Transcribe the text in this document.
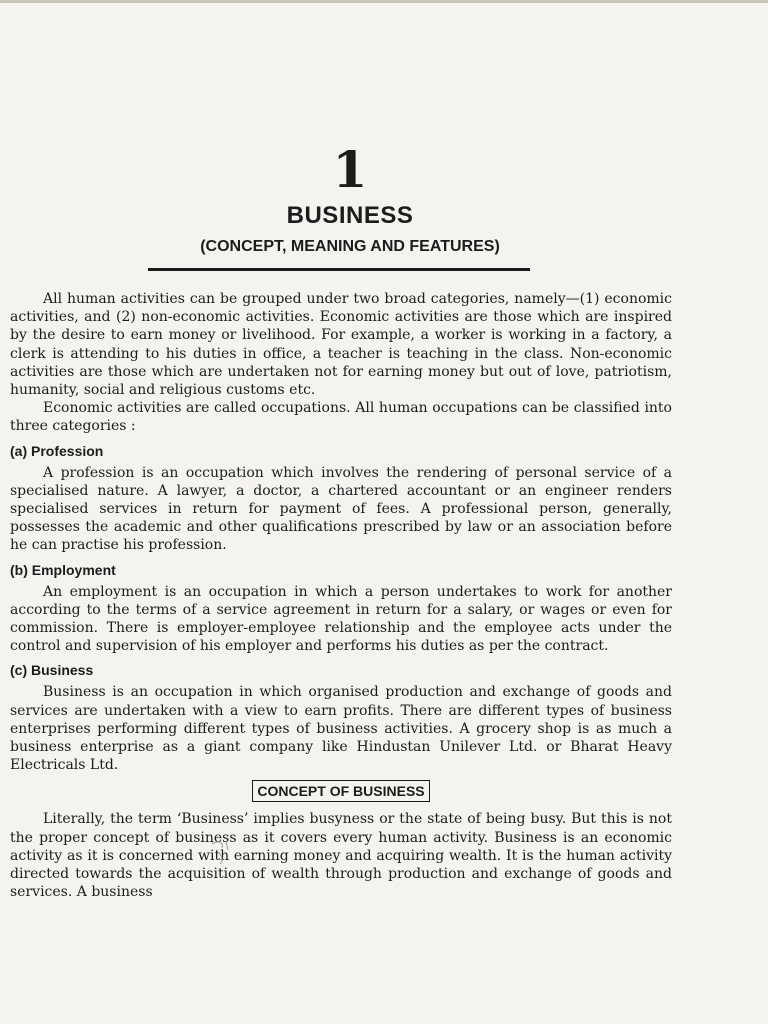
1
BUSINESS
(CONCEPT, MEANING AND FEATURES)

All human activities can be grouped under two broad categories, namely—(1) economic activities, and (2) non-economic activities. Economic activities are those which are inspired by the desire to earn money or livelihood. For example, a worker is working in a factory, a clerk is attending to his duties in office, a teacher is teaching in the class. Non-economic activities are those which are undertaken not for earning money but out of love, patriotism, humanity, social and religious customs etc.

Economic activities are called occupations. All human occupations can be classified into three categories :

(a) Profession

A profession is an occupation which involves the rendering of personal service of a specialised nature. A lawyer, a doctor, a chartered accountant or an engineer renders specialised services in return for payment of fees. A professional person, generally, possesses the academic and other qualifications prescribed by law or an association before he can practise his profession.

(b) Employment

An employment is an occupation in which a person undertakes to work for another according to the terms of a service agreement in return for a salary, or wages or even for commission. There is employer-employee relationship and the employee acts under the control and supervision of his employer and performs his duties as per the contract.

(c) Business

Business is an occupation in which organised production and exchange of goods and services are undertaken with a view to earn profits. There are different types of business enterprises performing different types of business activities. A grocery shop is as much a business enterprise as a giant company like Hindustan Unilever Ltd. or Bharat Heavy Electricals Ltd.

CONCEPT OF BUSINESS

Literally, the term ‘Business’ implies busyness or the state of being busy. But this is not the proper concept of business as it covers every human activity. Business is an economic activity as it is concerned with earning money and acquiring wealth. It is the human activity directed towards the acquisition of wealth through production and exchange of goods and services. A business
